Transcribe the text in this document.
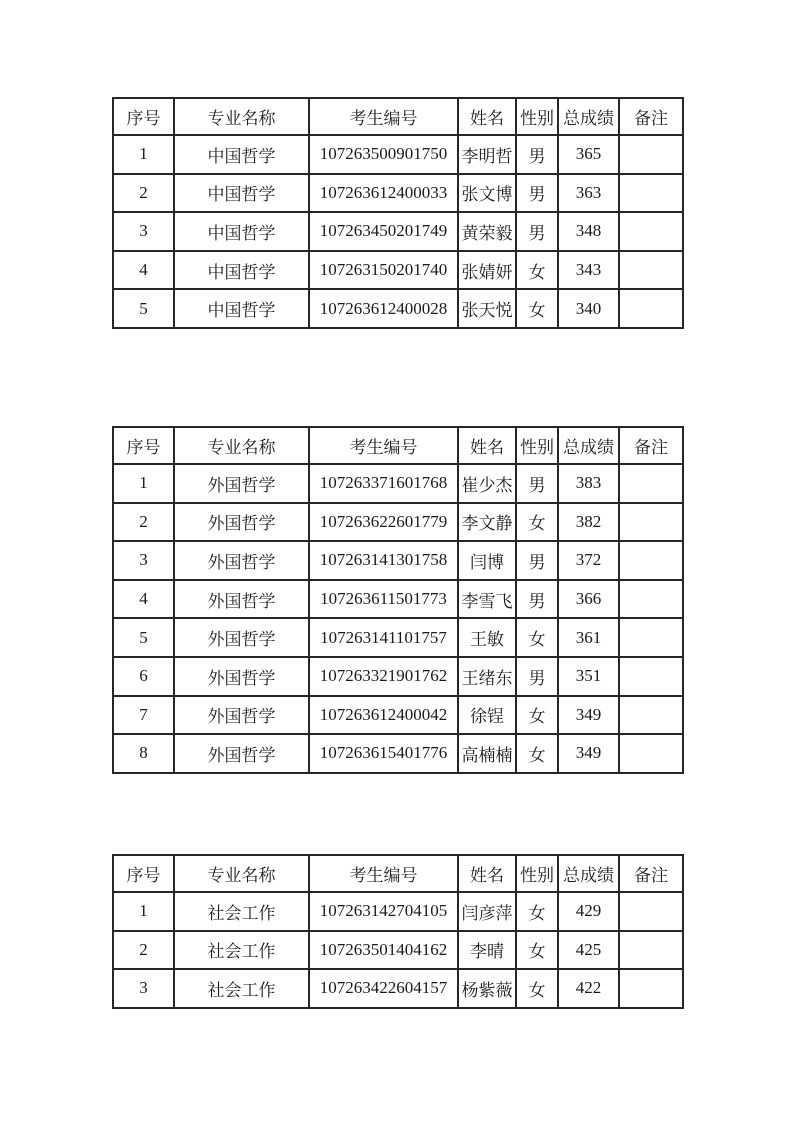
序号	专业名称	考生编号	姓名	性别	总成绩	备注
1	中国哲学	107263500901750	李明哲	男	365	
2	中国哲学	107263612400033	张文博	男	363	
3	中国哲学	107263450201749	黄荣毅	男	348	
4	中国哲学	107263150201740	张婧妍	女	343	
5	中国哲学	107263612400028	张天悦	女	340	
序号	专业名称	考生编号	姓名	性别	总成绩	备注
1	外国哲学	107263371601768	崔少杰	男	383	
2	外国哲学	107263622601779	李文静	女	382	
3	外国哲学	107263141301758	闫博	男	372	
4	外国哲学	107263611501773	李雪飞	男	366	
5	外国哲学	107263141101757	王敏	女	361	
6	外国哲学	107263321901762	王绪东	男	351	
7	外国哲学	107263612400042	徐锃	女	349	
8	外国哲学	107263615401776	高楠楠	女	349	
序号	专业名称	考生编号	姓名	性别	总成绩	备注
1	社会工作	107263142704105	闫彦萍	女	429	
2	社会工作	107263501404162	李晴	女	425	
3	社会工作	107263422604157	杨紫薇	女	422	
